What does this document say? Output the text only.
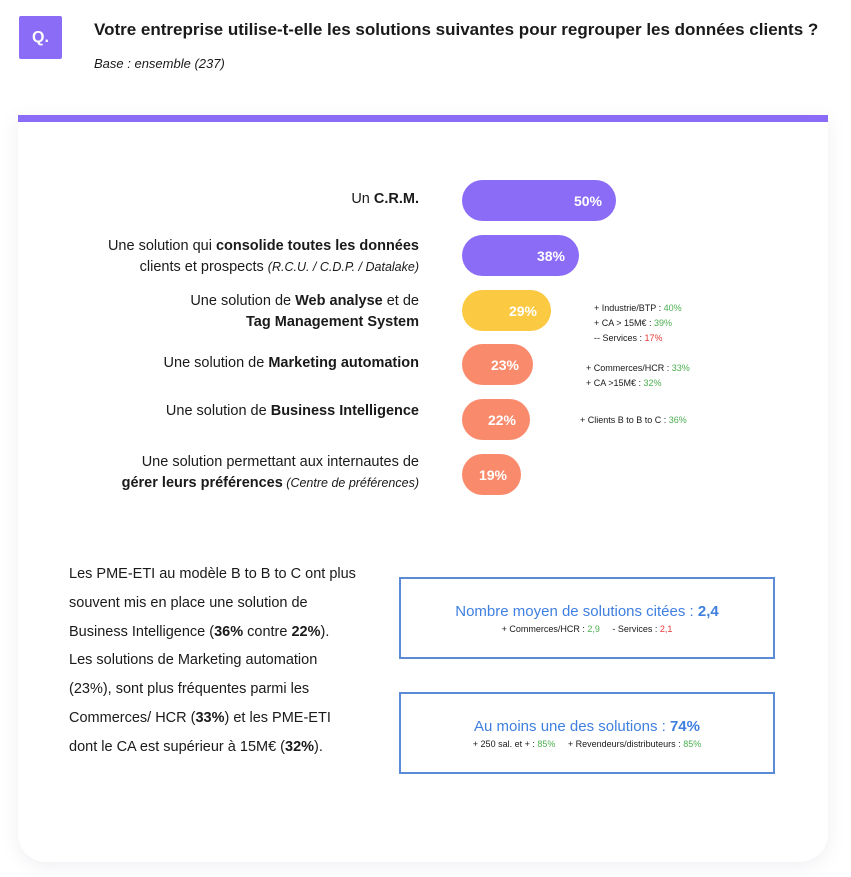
Q.	Votre entreprise utilise-t-elle les solutions suivantes pour regrouper les données clients ? Base : ensemble (237)
Un C.R.M.
Une solution qui consolide toutes les données
clients et prospects (R.C.U. / C.D.P. / Datalake)
Une solution de Web analyse et de
Tag Management System
Une solution de Marketing automation
Une solution de Business Intelligence
Une solution permettant aux internautes de
gérer leurs préférences (Centre de préférences)
50%
38%
29%
23%
22%
19%
+ Industrie/BTP : 40%
+ CA > 15M€ : 39%
-- Services : 17%
+ Commerces/HCR : 33%
+ CA >15M€ : 32%
+ Clients B to B to C : 36%
Les PME-ETI au modèle B to B to C ont plus souvent mis en place une solution de Business Intelligence (36% contre 22%).
Les solutions de Marketing automation (23%), sont plus fréquentes parmi les Commerces/ HCR (33%) et les PME-ETI dont le CA est supérieur à 15M€ (32%).
Nombre moyen de solutions citées : 2,4
+ Commerces/HCR : 2,9 - Services : 2,1
Au moins une des solutions : 74%
+ 250 sal. et + : 85% + Revendeurs/distributeurs : 85%
